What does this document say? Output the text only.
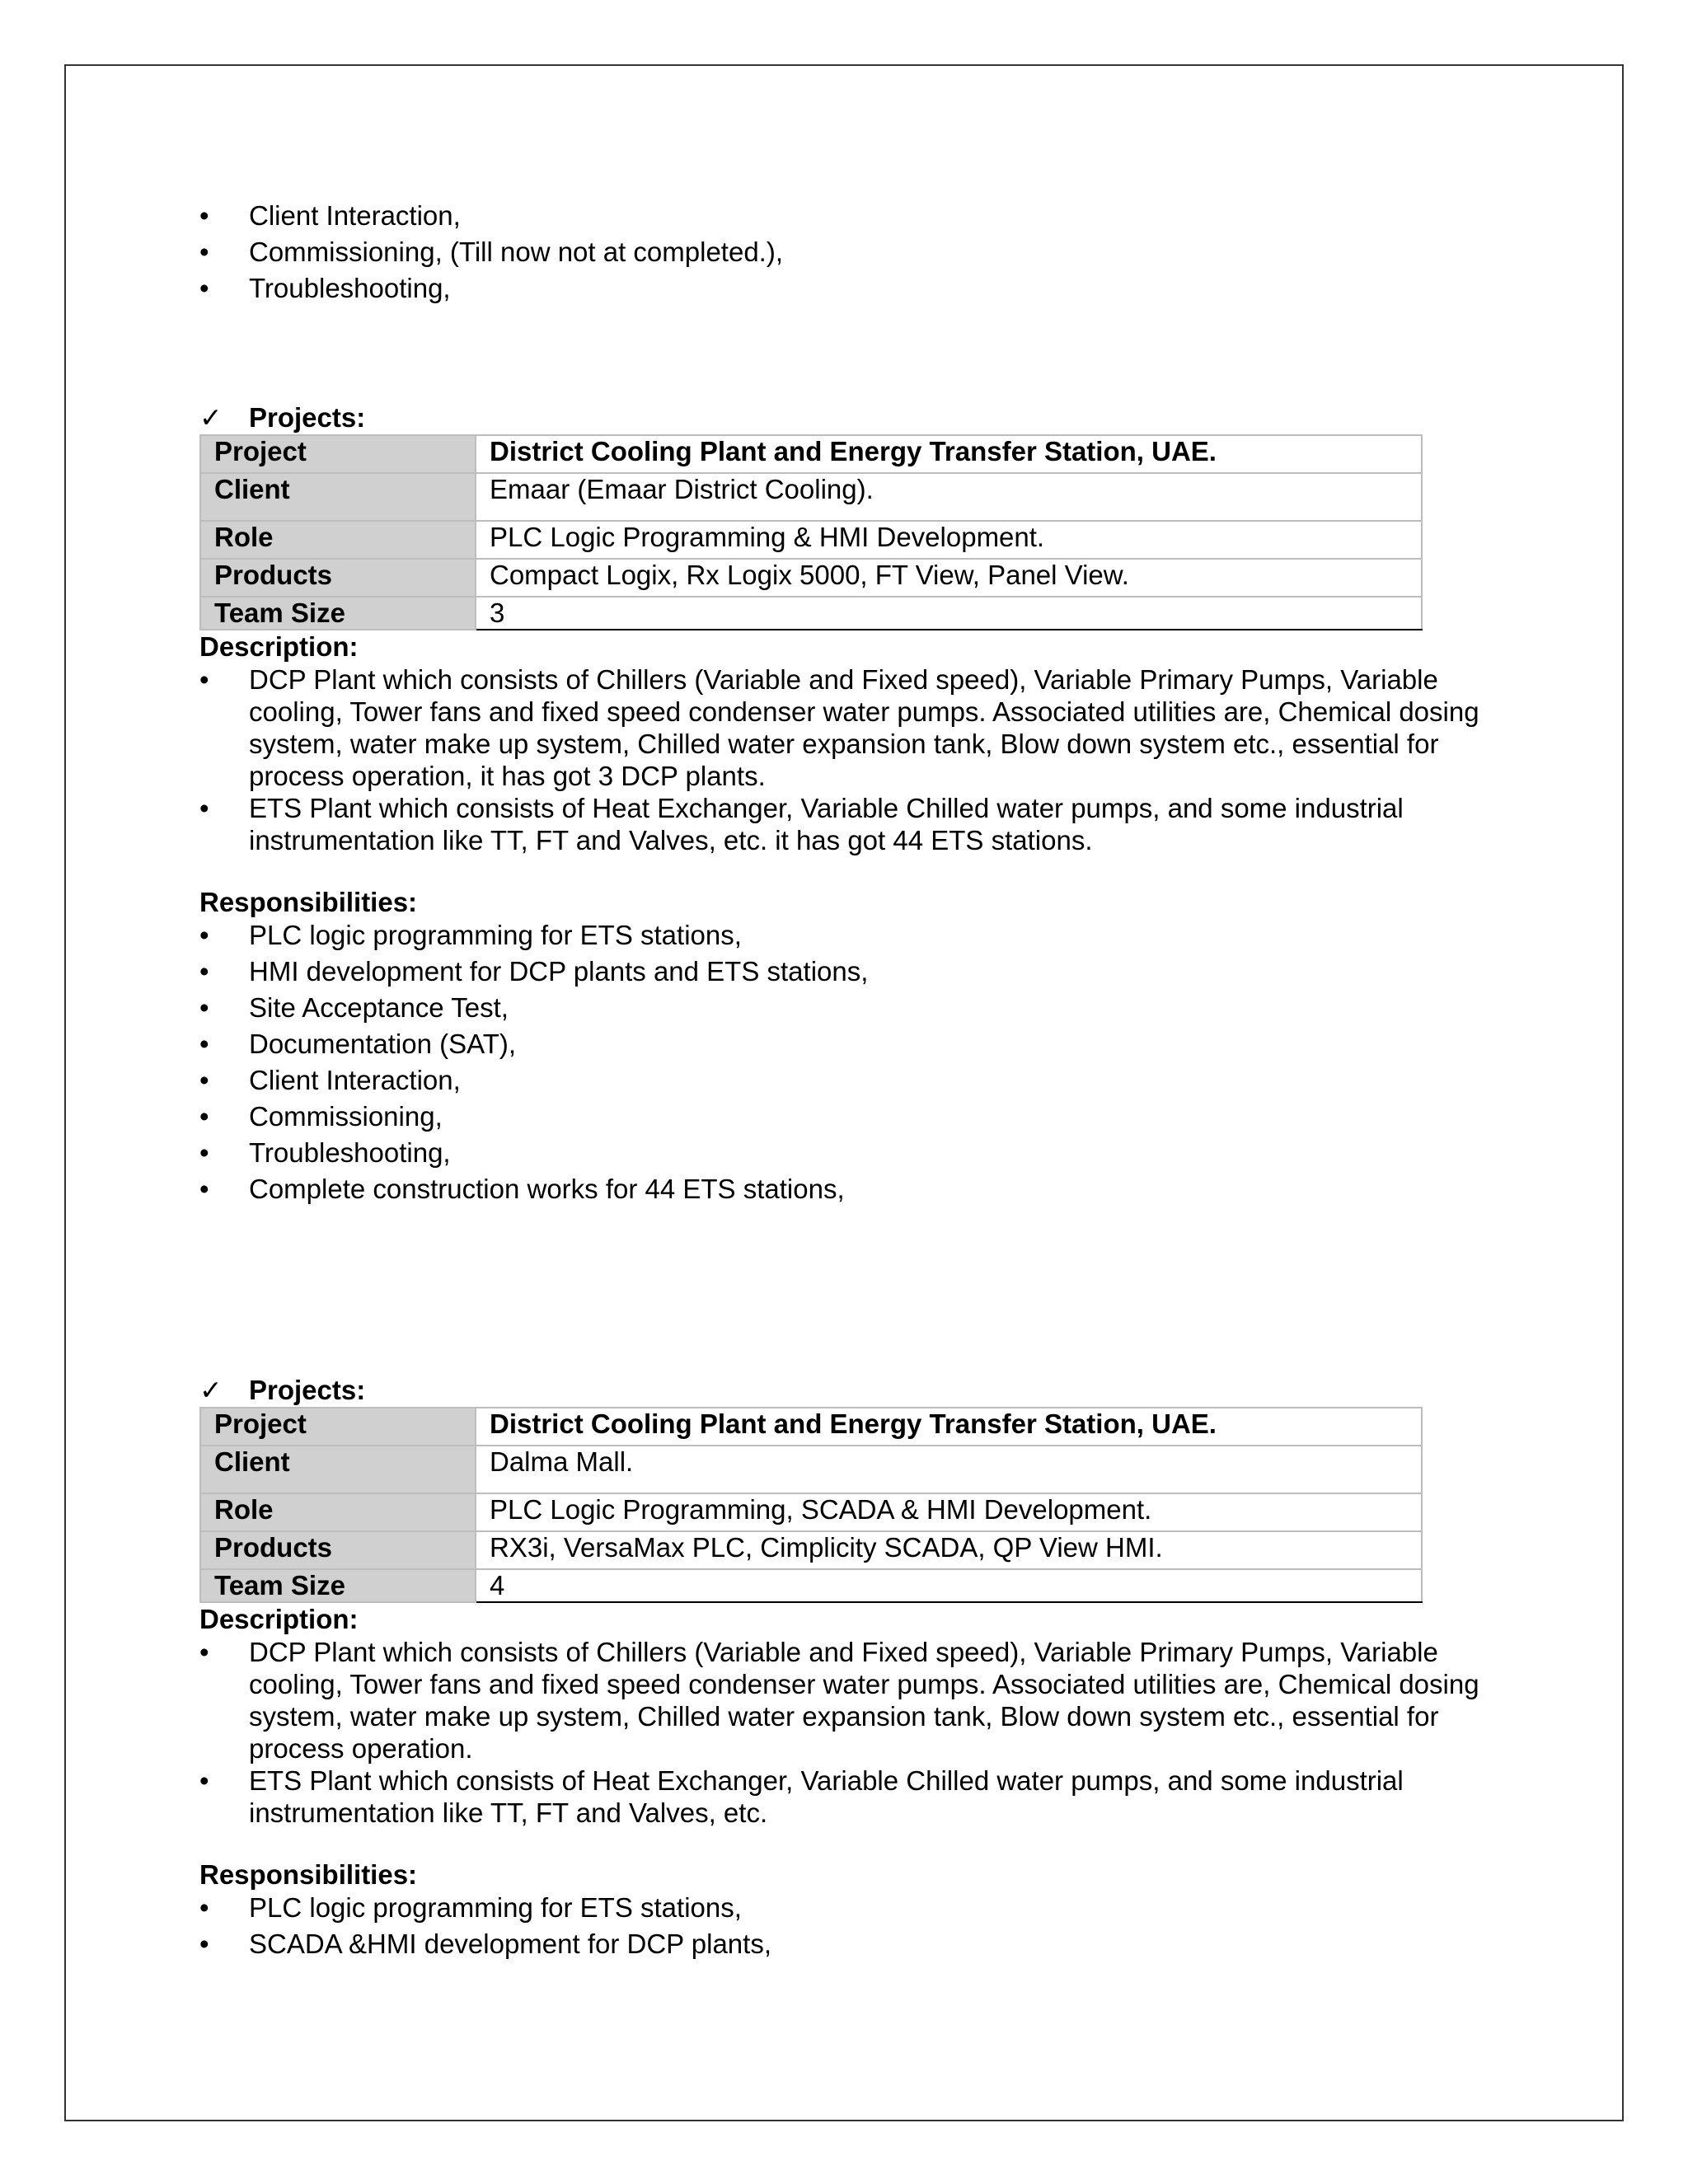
• Client Interaction,
• Commissioning, (Till now not at completed.),
• Troubleshooting,
✓ Projects:
Project	District Cooling Plant and Energy Transfer Station, UAE.
Client	Emaar (Emaar District Cooling).
Role	PLC Logic Programming & HMI Development.
Products	Compact Logix, Rx Logix 5000, FT View, Panel View.
Team Size	3
Description:
• DCP Plant which consists of Chillers (Variable and Fixed speed), Variable Primary Pumps, Variable cooling, Tower fans and fixed speed condenser water pumps. Associated utilities are, Chemical dosing system, water make up system, Chilled water expansion tank, Blow down system etc., essential for process operation, it has got 3 DCP plants.
• ETS Plant which consists of Heat Exchanger, Variable Chilled water pumps, and some industrial instrumentation like TT, FT and Valves, etc. it has got 44 ETS stations.
Responsibilities:
• PLC logic programming for ETS stations,
• HMI development for DCP plants and ETS stations,
• Site Acceptance Test,
• Documentation (SAT),
• Client Interaction,
• Commissioning,
• Troubleshooting,
• Complete construction works for 44 ETS stations,
✓ Projects:
Project	District Cooling Plant and Energy Transfer Station, UAE.
Client	Dalma Mall.
Role	PLC Logic Programming, SCADA & HMI Development.
Products	RX3i, VersaMax PLC, Cimplicity SCADA, QP View HMI.
Team Size	4
Description:
• DCP Plant which consists of Chillers (Variable and Fixed speed), Variable Primary Pumps, Variable cooling, Tower fans and fixed speed condenser water pumps. Associated utilities are, Chemical dosing system, water make up system, Chilled water expansion tank, Blow down system etc., essential for process operation.
• ETS Plant which consists of Heat Exchanger, Variable Chilled water pumps, and some industrial instrumentation like TT, FT and Valves, etc.
Responsibilities:
• PLC logic programming for ETS stations,
• SCADA &HMI development for DCP plants,
